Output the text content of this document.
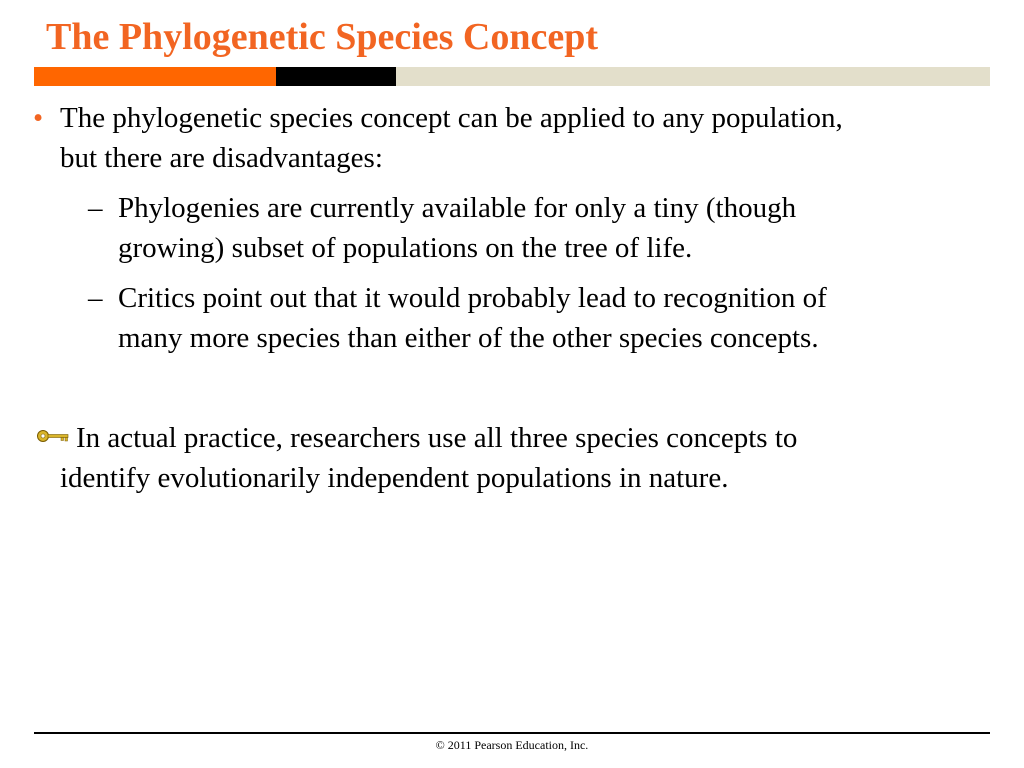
The Phylogenetic Species Concept
• The phylogenetic species concept can be applied to any population,
but there are disadvantages:
– Phylogenies are currently available for only a tiny (though
growing) subset of populations on the tree of life.
– Critics point out that it would probably lead to recognition of
many more species than either of the other species concepts.
In actual practice, researchers use all three species concepts to
identify evolutionarily independent populations in nature.
© 2011 Pearson Education, Inc.
